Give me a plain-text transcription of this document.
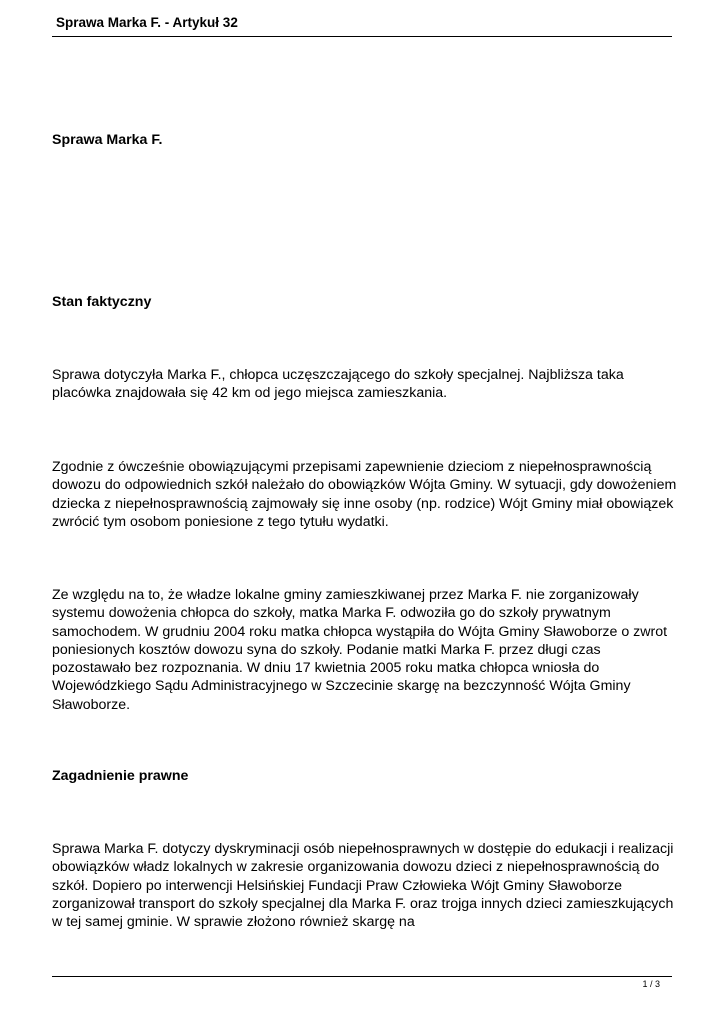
Sprawa Marka F. - Artykuł 32
Sprawa Marka F.
Stan faktyczny

Sprawa dotyczyła Marka F., chłopca uczęszczającego do szkoły specjalnej. Najbliższa taka placówka znajdowała się 42 km od jego miejsca zamieszkania.

Zgodnie z ówcześnie obowiązującymi przepisami zapewnienie dzieciom z niepełnosprawnością dowozu do odpowiednich szkół należało do obowiązków Wójta Gminy. W sytuacji, gdy dowożeniem dziecka z niepełnosprawnością zajmowały się inne osoby (np. rodzice) Wójt Gminy miał obowiązek zwrócić tym osobom poniesione z tego tytułu wydatki.

Ze względu na to, że władze lokalne gminy zamieszkiwanej przez Marka F. nie zorganizowały systemu dowożenia chłopca do szkoły, matka Marka F. odwoziła go do szkoły prywatnym samochodem. W grudniu 2004 roku matka chłopca wystąpiła do Wójta Gminy Sławoborze o zwrot poniesionych kosztów dowozu syna do szkoły. Podanie matki Marka F. przez długi czas pozostawało bez rozpoznania. W dniu 17 kwietnia 2005 roku matka chłopca wniosła do Wojewódzkiego Sądu Administracyjnego w Szczecinie skargę na bezczynność Wójta Gminy Sławoborze.

Zagadnienie prawne

Sprawa Marka F. dotyczy dyskryminacji osób niepełnosprawnych w dostępie do edukacji i realizacji obowiązków władz lokalnych w zakresie organizowania dowozu dzieci z niepełnosprawnością do szkół. Dopiero po interwencji Helsińskiej Fundacji Praw Człowieka Wójt Gminy Sławoborze zorganizował transport do szkoły specjalnej dla Marka F. oraz trojga innych dzieci zamieszkujących w tej samej gminie. W sprawie złożono również skargę na

1 / 3
